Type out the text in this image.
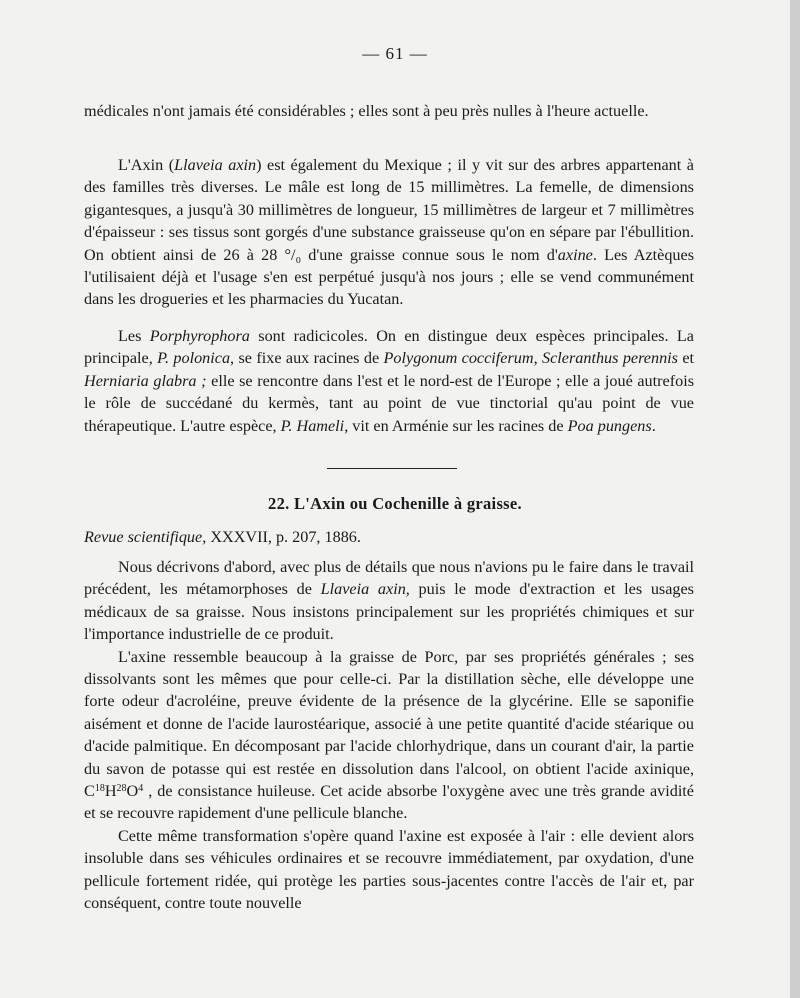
— 61 —

médicales n'ont jamais été considérables ; elles sont à peu près nulles à l'heure actuelle.

L'Axin (Llaveia axin) est également du Mexique ; il y vit sur des arbres appartenant à des familles très diverses. Le mâle est long de 15 millimètres. La femelle, de dimensions gigantesques, a jusqu'à 30 millimètres de longueur, 15 millimètres de largeur et 7 millimètres d'épaisseur : ses tissus sont gorgés d'une substance graisseuse qu'on en sépare par l'ébullition. On obtient ainsi de 26 à 28 °/₀ d'une graisse connue sous le nom d'axine. Les Aztèques l'utilisaient déjà et l'usage s'en est perpétué jusqu'à nos jours ; elle se vend communément dans les drogueries et les pharmacies du Yucatan.

Les Porphyrophora sont radicicoles. On en distingue deux espèces principales. La principale, P. polonica, se fixe aux racines de Polygonum cocciferum, Scleranthus perennis et Herniaria glabra ; elle se rencontre dans l'est et le nord-est de l'Europe ; elle a joué autrefois le rôle de succédané du kermès, tant au point de vue tinctorial qu'au point de vue thérapeutique. L'autre espèce, P. Hameli, vit en Arménie sur les racines de Poa pungens.

22. L'Axin ou Cochenille à graisse.
Revue scientifique, XXXVII, p. 207, 1886.

Nous décrivons d'abord, avec plus de détails que nous n'avions pu le faire dans le travail précédent, les métamorphoses de Llaveia axin, puis le mode d'extraction et les usages médicaux de sa graisse. Nous insistons principalement sur les propriétés chimiques et sur l'importance industrielle de ce produit.

L'axine ressemble beaucoup à la graisse de Porc, par ses propriétés générales ; ses dissolvants sont les mêmes que pour celle-ci. Par la distillation sèche, elle développe une forte odeur d'acroléine, preuve évidente de la présence de la glycérine. Elle se saponifie aisément et donne de l'acide laurostéarique, associé à une petite quantité d'acide stéarique ou d'acide palmitique. En décomposant par l'acide chlorhydrique, dans un courant d'air, la partie du savon de potasse qui est restée en dissolution dans l'alcool, on obtient l'acide axinique, $C^{18}H^{28}O^4$ , de consistance huileuse. Cet acide absorbe l'oxygène avec une très grande avidité et se recouvre rapidement d'une pellicule blanche.

Cette même transformation s'opère quand l'axine est exposée à l'air : elle devient alors insoluble dans ses véhicules ordinaires et se recouvre immédiatement, par oxydation, d'une pellicule fortement ridée, qui protège les parties sous-jacentes contre l'accès de l'air et, par conséquent, contre toute nouvelle
